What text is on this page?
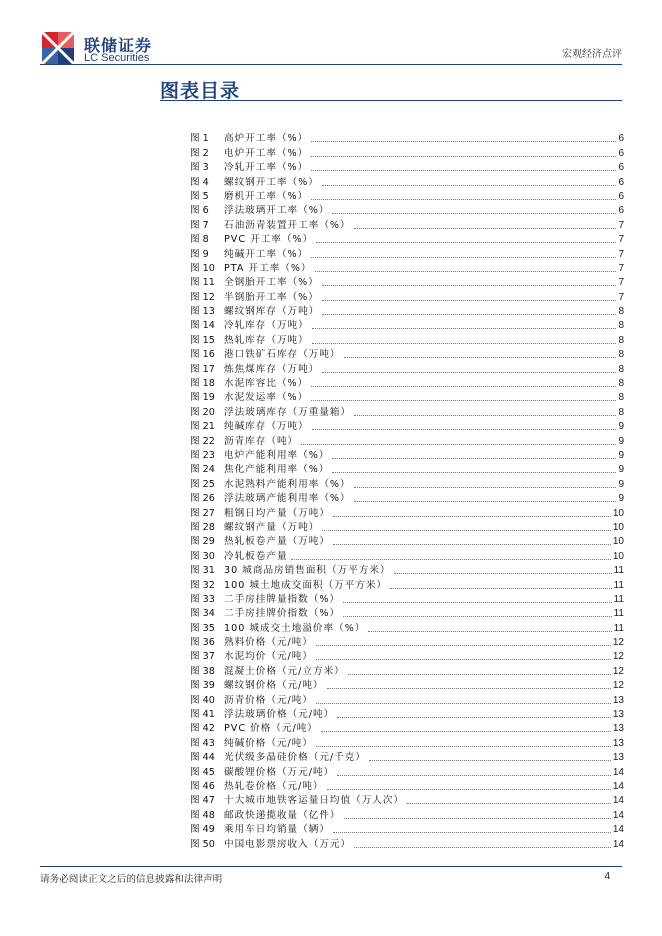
联储证券
LC Securities	宏观经济点评
图表目录
图 1 高炉开工率（%）	6
图 2 电炉开工率（%）	6
图 3 冷轧开工率（%）	6
图 4 螺纹钢开工率（%）	6
图 5 磨机开工率（%）	6
图 6 浮法玻璃开工率（%）	6
图 7 石油沥青装置开工率（%）	7
图 8 PVC 开工率（%）	7
图 9 纯碱开工率（%）	7
图 10 PTA 开工率（%）	7
图 11 全钢胎开工率（%）	7
图 12 半钢胎开工率（%）	7
图 13 螺纹钢库存（万吨）	8
图 14 冷轧库存（万吨）	8
图 15 热轧库存（万吨）	8
图 16 港口铁矿石库存（万吨）	8
图 17 炼焦煤库存（万吨）	8
图 18 水泥库容比（%）	8
图 19 水泥发运率（%）	8
图 20 浮法玻璃库存（万重量箱）	8
图 21 纯碱库存（万吨）	9
图 22 沥青库存（吨）	9
图 23 电炉产能利用率（%）	9
图 24 焦化产能利用率（%）	9
图 25 水泥熟料产能利用率（%）	9
图 26 浮法玻璃产能利用率（%）	9
图 27 粗钢日均产量（万吨）	10
图 28 螺纹钢产量（万吨）	10
图 29 热轧板卷产量（万吨）	10
图 30 冷轧板卷产量	10
图 31 30 城商品房销售面积（万平方米）	11
图 32 100 城土地成交面积（万平方米）	11
图 33 二手房挂牌量指数（%）	11
图 34 二手房挂牌价指数（%）	11
图 35 100 城成交土地溢价率（%）	11
图 36 熟料价格（元/吨）	12
图 37 水泥均价（元/吨）	12
图 38 混凝土价格（元/立方米）	12
图 39 螺纹钢价格（元/吨）	12
图 40 沥青价格（元/吨）	13
图 41 浮法玻璃价格（元/吨）	13
图 42 PVC 价格（元/吨）	13
图 43 纯碱价格（元/吨）	13
图 44 光伏级多晶硅价格（元/千克）	13
图 45 碳酸锂价格（万元/吨）	14
图 46 热轧卷价格（元/吨）	14
图 47 十大城市地铁客运量日均值（万人次）	14
图 48 邮政快递揽收量（亿件）	14
图 49 乘用车日均销量（辆）	14
图 50 中国电影票房收入（万元）	14
请务必阅读正文之后的信息披露和法律声明	4
